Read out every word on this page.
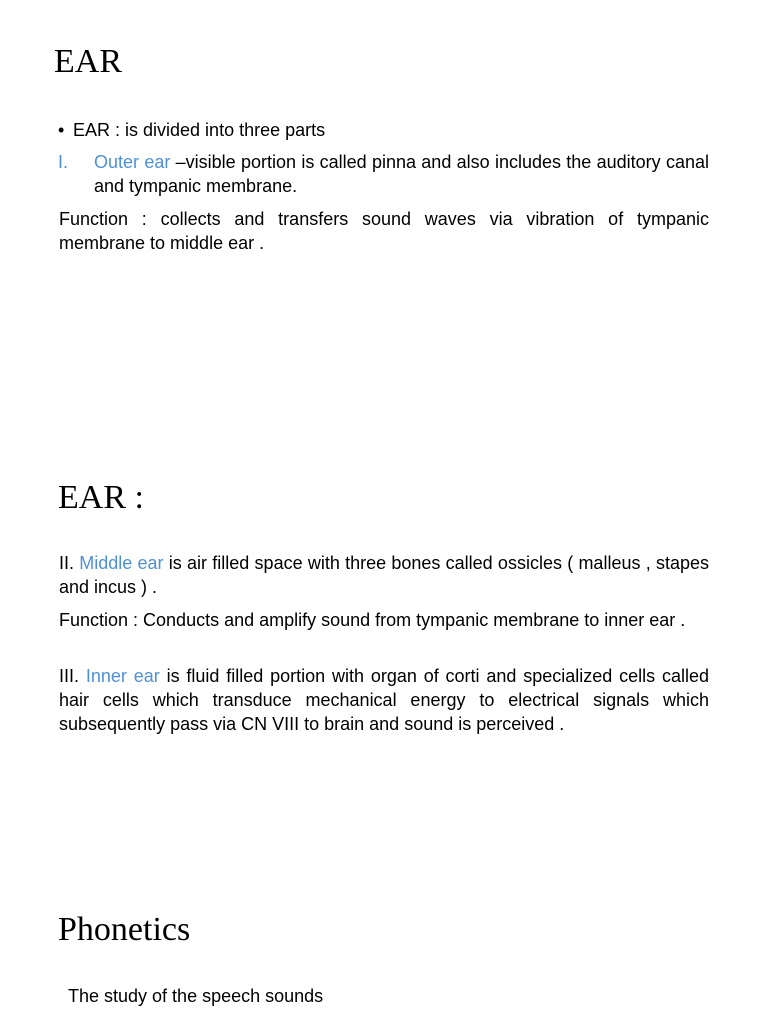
EAR
• EAR : is divided into three parts

I. Outer ear –visible portion is called pinna and also includes the auditory canal and tympanic membrane.

Function : collects and transfers sound waves via vibration of tympanic membrane to middle ear .

EAR :

II. Middle ear is air filled space with three bones called ossicles ( malleus , stapes and incus ) .

Function : Conducts and amplify sound from tympanic membrane to inner ear .

III. Inner ear is fluid filled portion with organ of corti and specialized cells called hair cells which transduce mechanical energy to electrical signals which subsequently pass via CN VIII to brain and sound is perceived .

Phonetics

The study of the speech sounds
